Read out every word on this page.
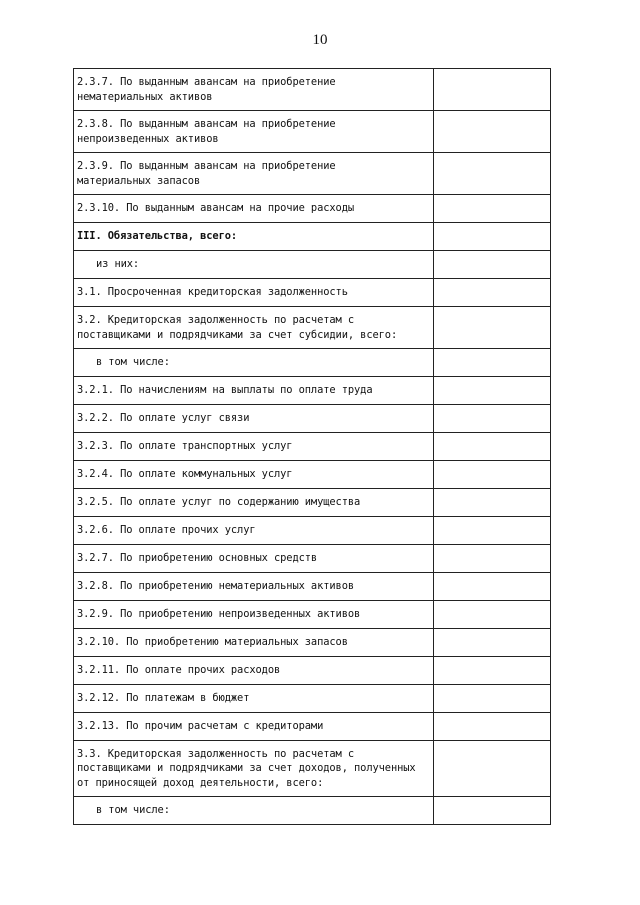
10
2.3.7. По выданным авансам на приобретение
нематериальных активов	
2.3.8. По выданным авансам на приобретение
непроизведенных активов	
2.3.9. По выданным авансам на приобретение
материальных запасов	
2.3.10. По выданным авансам на прочие расходы	
III. Обязательства, всего:	
из них:	
3.1. Просроченная кредиторская задолженность	
3.2. Кредиторская задолженность по расчетам с
поставщиками и подрядчиками за счет субсидии, всего:	
в том числе:	
3.2.1. По начислениям на выплаты по оплате труда	
3.2.2. По оплате услуг связи	
3.2.3. По оплате транспортных услуг	
3.2.4. По оплате коммунальных услуг	
3.2.5. По оплате услуг по содержанию имущества	
3.2.6. По оплате прочих услуг	
3.2.7. По приобретению основных средств	
3.2.8. По приобретению нематериальных активов	
3.2.9. По приобретению непроизведенных активов	
3.2.10. По приобретению материальных запасов	
3.2.11. По оплате прочих расходов	
3.2.12. По платежам в бюджет	
3.2.13. По прочим расчетам с кредиторами	
3.3. Кредиторская задолженность по расчетам с
поставщиками и подрядчиками за счет доходов, полученных
от приносящей доход деятельности, всего:	
в том числе:	
